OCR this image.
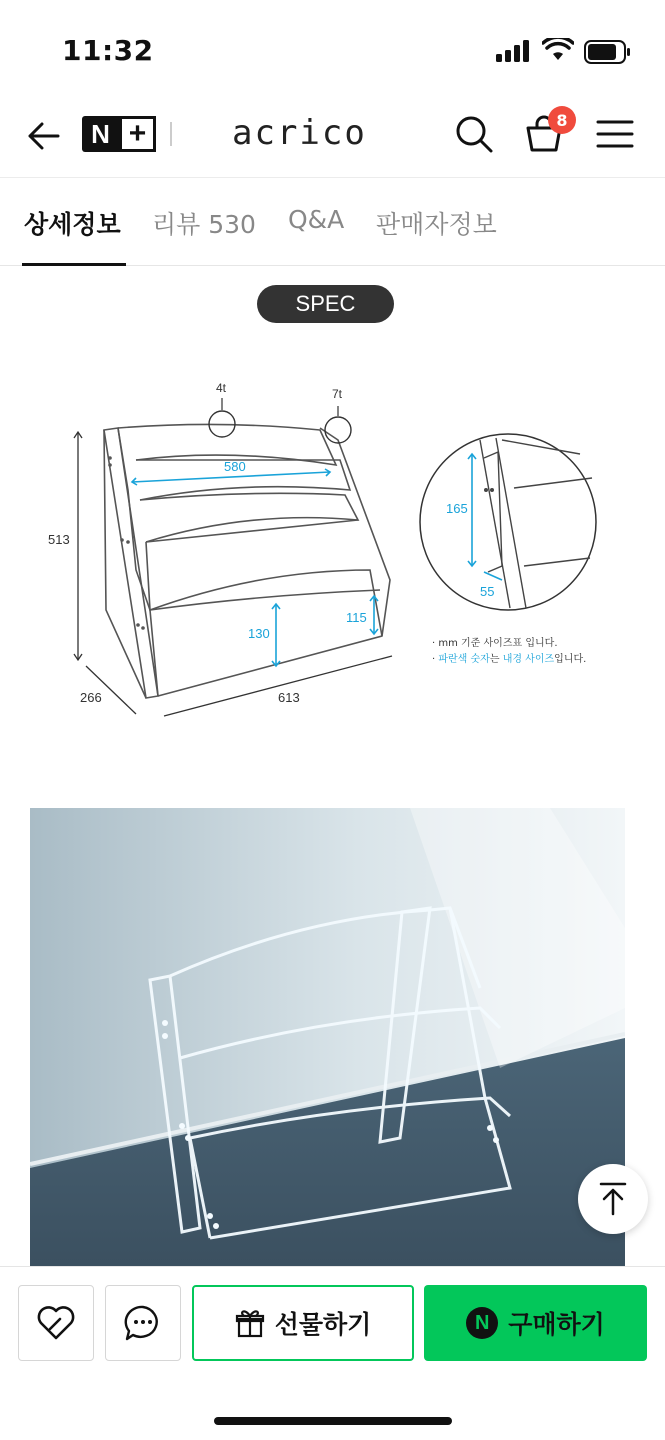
11:32
N +	acrico	8
상세정보 리뷰 530 Q&A 판매자정보
SPEC
4t	7t
580
130
115
513
266	613
165
55
· mm 기준 사이즈표 입니다.
· 파란색 숫자는 내경 사이즈입니다.
선물하기	N 구매하기
